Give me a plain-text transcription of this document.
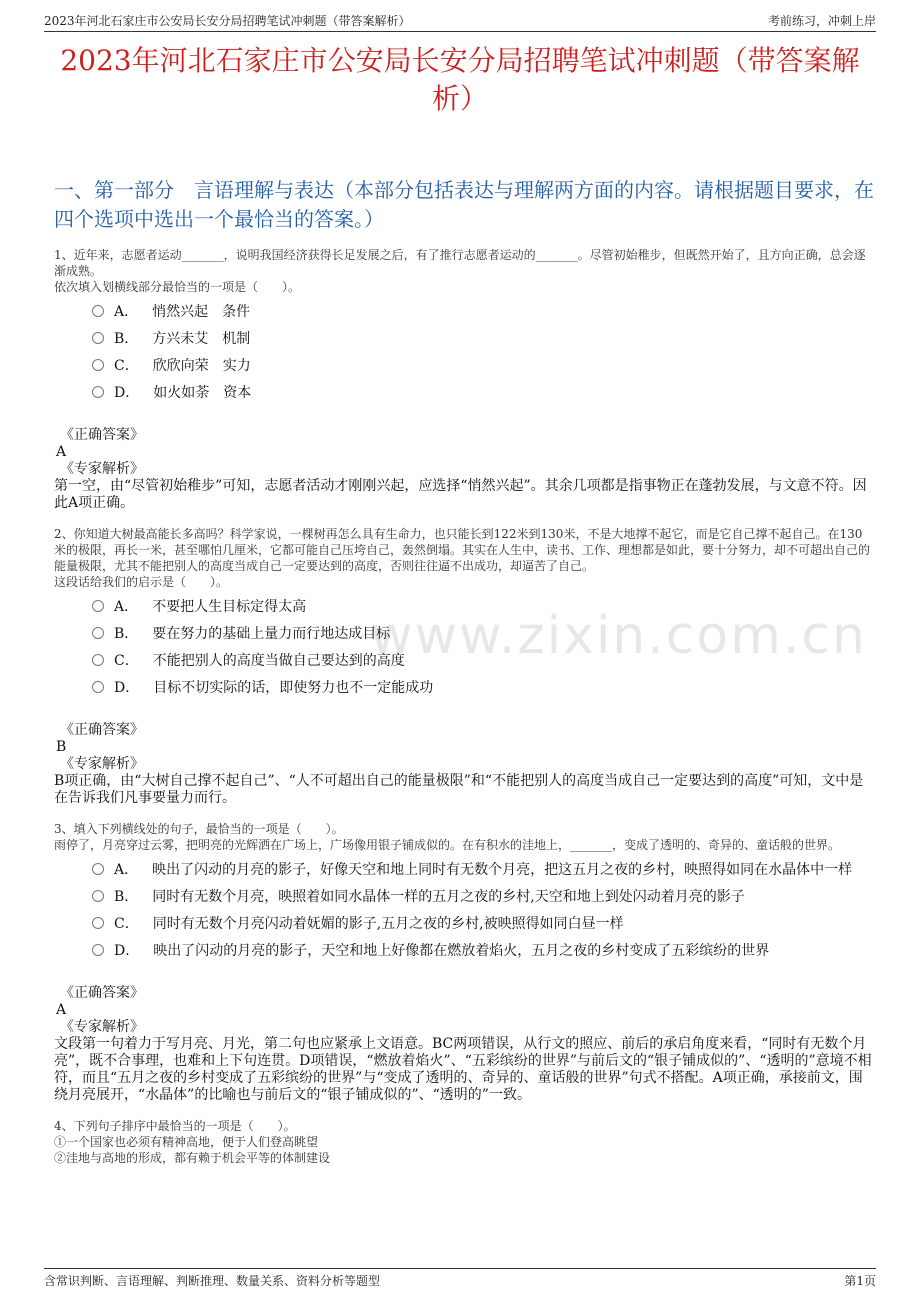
2023年河北石家庄市公安局长安分局招聘笔试冲刺题（带答案解析）	考前练习，冲刺上岸
2023年河北石家庄市公安局长安分局招聘笔试冲刺题（带答案解析）
一、第一部分　言语理解与表达（本部分包括表达与理解两方面的内容。请根据题目要求，在四个选项中选出一个最恰当的答案。）
www.zixin.com.cn
1、近年来，志愿者运动_______，说明我国经济获得长足发展之后，有了推行志愿者运动的_______。尽管初始稚步，但既然开始了，且方向正确，总会逐渐成熟。
依次填入划横线部分最恰当的一项是（　　）。
A． 悄然兴起　条件
B． 方兴未艾　机制
C． 欣欣向荣　实力
D． 如火如荼　资本
《正确答案》
A
《专家解析》
第一空，由“尽管初始稚步”可知，志愿者活动才刚刚兴起，应选择“悄然兴起”。其余几项都是指事物正在蓬勃发展，与文意不符。因此A项正确。
2、你知道大树最高能长多高吗？科学家说，一棵树再怎么具有生命力，也只能长到122米到130米，不是大地撑不起它，而是它自己撑不起自己。在130米的极限，再长一米，甚至哪怕几厘米，它都可能自己压垮自己，轰然倒塌。其实在人生中，读书、工作、理想都是如此，要十分努力，却不可超出自己的能量极限，尤其不能把别人的高度当成自己一定要达到的高度，否则往往逼不出成功，却逼苦了自己。
这段话给我们的启示是（　　）。
A． 不要把人生目标定得太高
B． 要在努力的基础上量力而行地达成目标
C． 不能把别人的高度当做自己要达到的高度
D． 目标不切实际的话，即使努力也不一定能成功
《正确答案》
B
《专家解析》
B项正确，由“大树自己撑不起自己”、“人不可超出自己的能量极限”和“不能把别人的高度当成自己一定要达到的高度”可知，文中是在告诉我们凡事要量力而行。
3、填入下列横线处的句子，最恰当的一项是（　　）。
雨停了，月亮穿过云雾，把明亮的光辉洒在广场上，广场像用银子铺成似的。在有积水的洼地上，_______，变成了透明的、奇异的、童话般的世界。
A． 映出了闪动的月亮的影子，好像天空和地上同时有无数个月亮，把这五月之夜的乡村，映照得如同在水晶体中一样
B． 同时有无数个月亮，映照着如同水晶体一样的五月之夜的乡村,天空和地上到处闪动着月亮的影子
C． 同时有无数个月亮闪动着妩媚的影子,五月之夜的乡村,被映照得如同白昼一样
D． 映出了闪动的月亮的影子，天空和地上好像都在燃放着焰火，五月之夜的乡村变成了五彩缤纷的世界
《正确答案》
A
《专家解析》
文段第一句着力于写月亮、月光，第二句也应紧承上文语意。BC两项错误，从行文的照应、前后的承启角度来看，“同时有无数个月亮”，既不合事理，也难和上下句连贯。D项错误，“燃放着焰火”、“五彩缤纷的世界”与前后文的“银子铺成似的”、“透明的”意境不相符，而且“五月之夜的乡村变成了五彩缤纷的世界”与“变成了透明的、奇异的、童话般的世界”句式不搭配。A项正确，承接前文，围绕月亮展开，“水晶体”的比喻也与前后文的“银子铺成似的”、“透明的”一致。
4、下列句子排序中最恰当的一项是（　　）。
①一个国家也必须有精神高地，便于人们登高眺望
②洼地与高地的形成，都有赖于机会平等的体制建设
含常识判断、言语理解、判断推理、数量关系、资料分析等题型	第1页
